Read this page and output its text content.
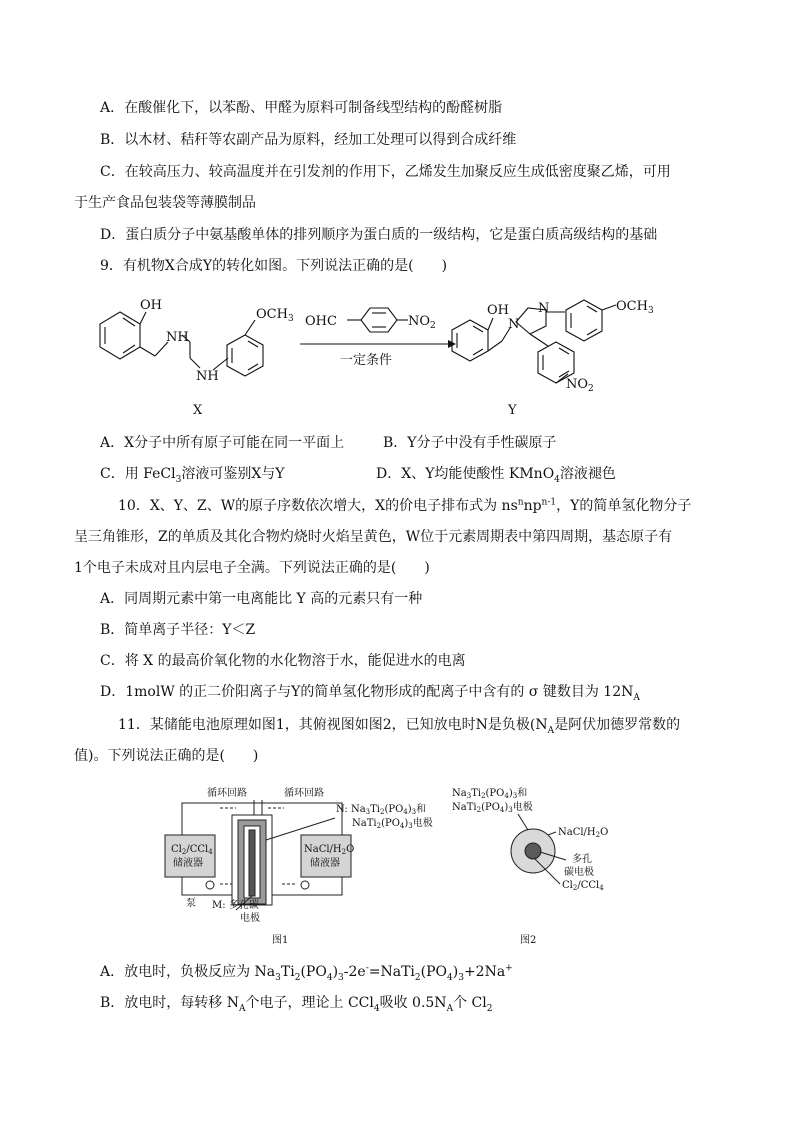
A．在酸催化下，以苯酚、甲醛为原料可制备线型结构的酚醛树脂
B．以木材、秸秆等农副产品为原料，经加工处理可以得到合成纤维
C．在较高压力、较高温度并在引发剂的作用下，乙烯发生加聚反应生成低密度聚乙烯，可用
于生产食品包装袋等薄膜制品
D．蛋白质分子中氨基酸单体的排列顺序为蛋白质的一级结构，它是蛋白质高级结构的基础
9．有机物X合成Y的转化如图。下列说法正确的是(　　)
OH
NH
NH
$OCH_3$ OHC	$NO_2$
一定条件
OH
N
N	$OCH_3$
$NO_2$
X	Y
A．X分子中所有原子可能在同一平面上	B．Y分子中没有手性碳原子
C．用 FeCl$_3$溶液可鉴别X与Y	D．X、Y均能使酸性 KMnO$_4$溶液褪色
10．X、Y、Z、W的原子序数依次增大，X的价电子排布式为 $ns^nnp^{n-1}$，Y的简单氢化物分子
呈三角锥形，Z的单质及其化合物灼烧时火焰呈黄色，W位于元素周期表中第四周期，基态原子有
1个电子未成对且内层电子全满。下列说法正确的是(　　)
A．同周期元素中第一电离能比 Y 高的元素只有一种
B．简单离子半径：Y＜Z
C．将 X 的最高价氧化物的水化物溶于水，能促进水的电离
D．1molW 的正二价阳离子与Y的简单氢化物形成的配离子中含有的 σ 键数目为 $12N_A$
11．某储能电池原理如图1，其俯视图如图2，已知放电时N是负极($N_A$是阿伏加德罗常数的
值)。下列说法正确的是(　　)
循环回路	循环回路
$Cl_2/CCl_4$
储液器
NaCl/$H_2O$
储液器
N: $Na_3Ti_2(PO_4)_3$和
$NaTi_2(PO_4)_3$电极
泵 M: 多孔碳
电极
图1
$Na_3Ti_2(PO_4)_3$和
$NaTi_2(PO_4)_3$电极
NaCl/$H_2O$
多孔
碳电极
$Cl_2/CCl_4$
图2
A．放电时，负极反应为 $Na_3Ti_2(PO_4)_3-2e^-=NaTi_2(PO_4)_3+2Na^+$
B．放电时，每转移 $N_A$个电子，理论上 CCl$_4$吸收 $0.5N_A$个 $Cl_2$
